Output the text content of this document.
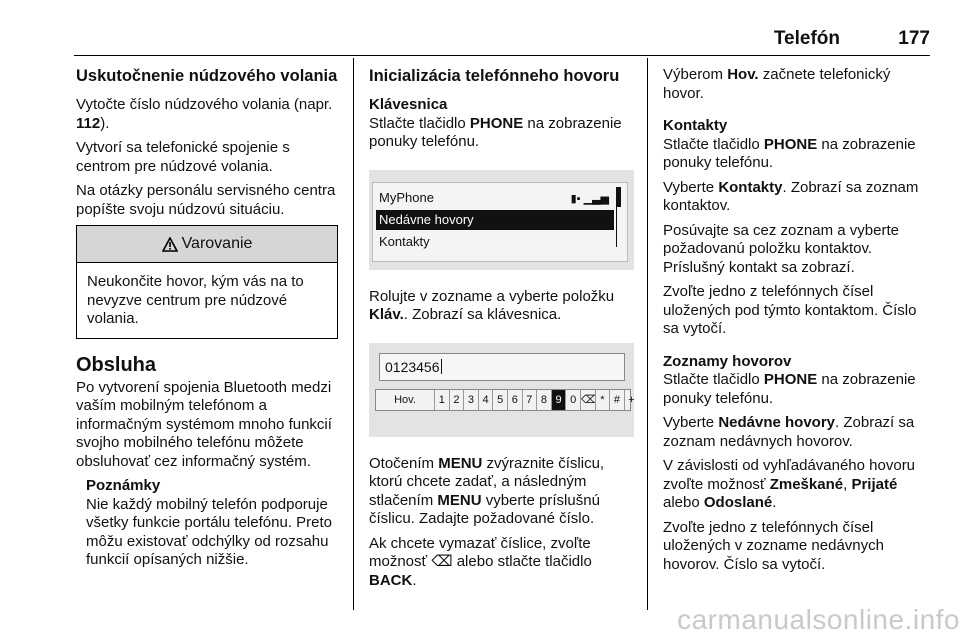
Telefón	177
Uskutočnenie núdzového volania

Vytočte číslo núdzového volania (napr. 112).

Vytvorí sa telefonické spojenie s centrom pre núdzové volania.

Na otázky personálu servisného centra popíšte svoju núdzovú situáciu.

Varovanie
Neukončite hovor, kým vás na to nevyzve centrum pre núdzové volania.
Obsluha

Po vytvorení spojenia Bluetooth medzi vaším mobilným telefónom a informačným systémom mnoho funkcií svojho mobilného telefónu môžete obsluhovať cez informačný systém.

Poznámky
Nie každý mobilný telefón podporuje všetky funkcie portálu telefónu. Preto môžu existovať odchýlky od rozsahu funkcií opísaných nižšie.
Inicializácia telefónneho hovoru
Klávesnica

Stlačte tlačidlo PHONE na zobrazenie ponuky telefónu.

MyPhone	▮▪ ▁▃▅
Nedávne hovory
Kontakty

Rolujte v zozname a vyberte položku Kláv.. Zobrazí sa klávesnica.

0123456
Hov.	1 2 3 4 5 6 7 8 9 0 ⌫ * # +

Otočením MENU zvýraznite číslicu, ktorú chcete zadať, a následným stlačením MENU vyberte príslušnú číslicu. Zadajte požadované číslo.

Ak chcete vymazať číslice, zvoľte možnosť ⌫ alebo stlačte tlačidlo BACK.

Výberom Hov. začnete telefonický hovor.

Kontakty

Stlačte tlačidlo PHONE na zobrazenie ponuky telefónu.

Vyberte Kontakty. Zobrazí sa zoznam kontaktov.

Posúvajte sa cez zoznam a vyberte požadovanú položku kontaktov. Príslušný kontakt sa zobrazí.

Zvoľte jedno z telefónnych čísel uložených pod týmto kontaktom. Číslo sa vytočí.

Zoznamy hovorov

Stlačte tlačidlo PHONE na zobrazenie ponuky telefónu.

Vyberte Nedávne hovory. Zobrazí sa zoznam nedávnych hovorov.

V závislosti od vyhľadávaného hovoru zvoľte možnosť Zmeškané, Prijaté alebo Odoslané.

Zvoľte jedno z telefónnych čísel uložených v zozname nedávnych hovorov. Číslo sa vytočí.

carmanualsonline.info
